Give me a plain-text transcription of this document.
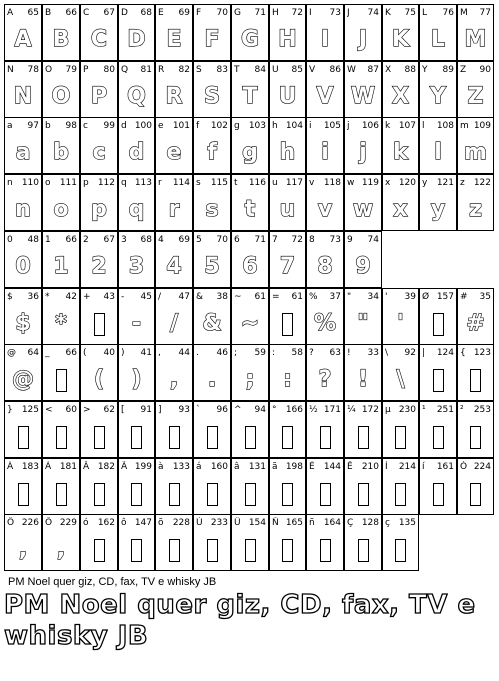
A 65
A
B 66
B
C 67
C
D 68
D
E 69
E
F 70
F
G 71
G
H 72
H
I 73
I
J 74
J
K 75
K
L 76
L
M 77
M
N 78
N
O 79
O
P 80
P
Q 81
Q
R 82
R
S 83
S
T 84
T
U 85
U
V 86
V
W 87
W
X 88
X
Y 89
Y
Z 90
Z
a 97
a
b 98
b
c 99
c
d 100
d
e 101
e
f 102
f
g 103
g
h 104
h
i 105
i
j 106
j
k 107
k
l 108
l
m 109
m
n 110
n
o 111
o
p 112
p
q 113
q
r 114
r
s 115
s
t 116
t
u 117
u
v 118
v
w 119
w
x 120
x
y 121
y
z 122
z
0 48
0
1 66
1
2 67
2
3 68
3
4 69
4
5 70
5
6 71
6
7 72
7
8 73
8
9 74
9
$ 36
$
* 42
*
+ 43 - 45
-
/ 47
/
& 38
&
~ 61
~
= 61 % 37
%
" 34
"
' 39
'
Ø 157 # 35
#
@ 64
@
_ 66 ( 40
(
) 41
)
, 44
,
. 46
.
; 59
;
: 58
:
? 63
?
! 33
!
\ 92
\
| 124 { 123
} 125 < 60 > 62 [ 91 ] 93 ` 96 ^ 94 ° 166 ½ 171 ¼ 172 µ 230 ¹ 251 ² 253
À 183 Á 181 Â 182 Ã 199 à 133 á 160 â 131 ã 198 É 144 Ê 210 Í 214 í 161 Ó 224
Ô 226
,
Õ 229
,
ó 162 ô 147 õ 228 Ú 233 Ü 154 Ñ 165 ñ 164 Ç 128 ç 135
PM Noel quer giz, CD, fax, TV e whisky JB
PM Noel quer giz, CD, fax, TV e whisky JB
